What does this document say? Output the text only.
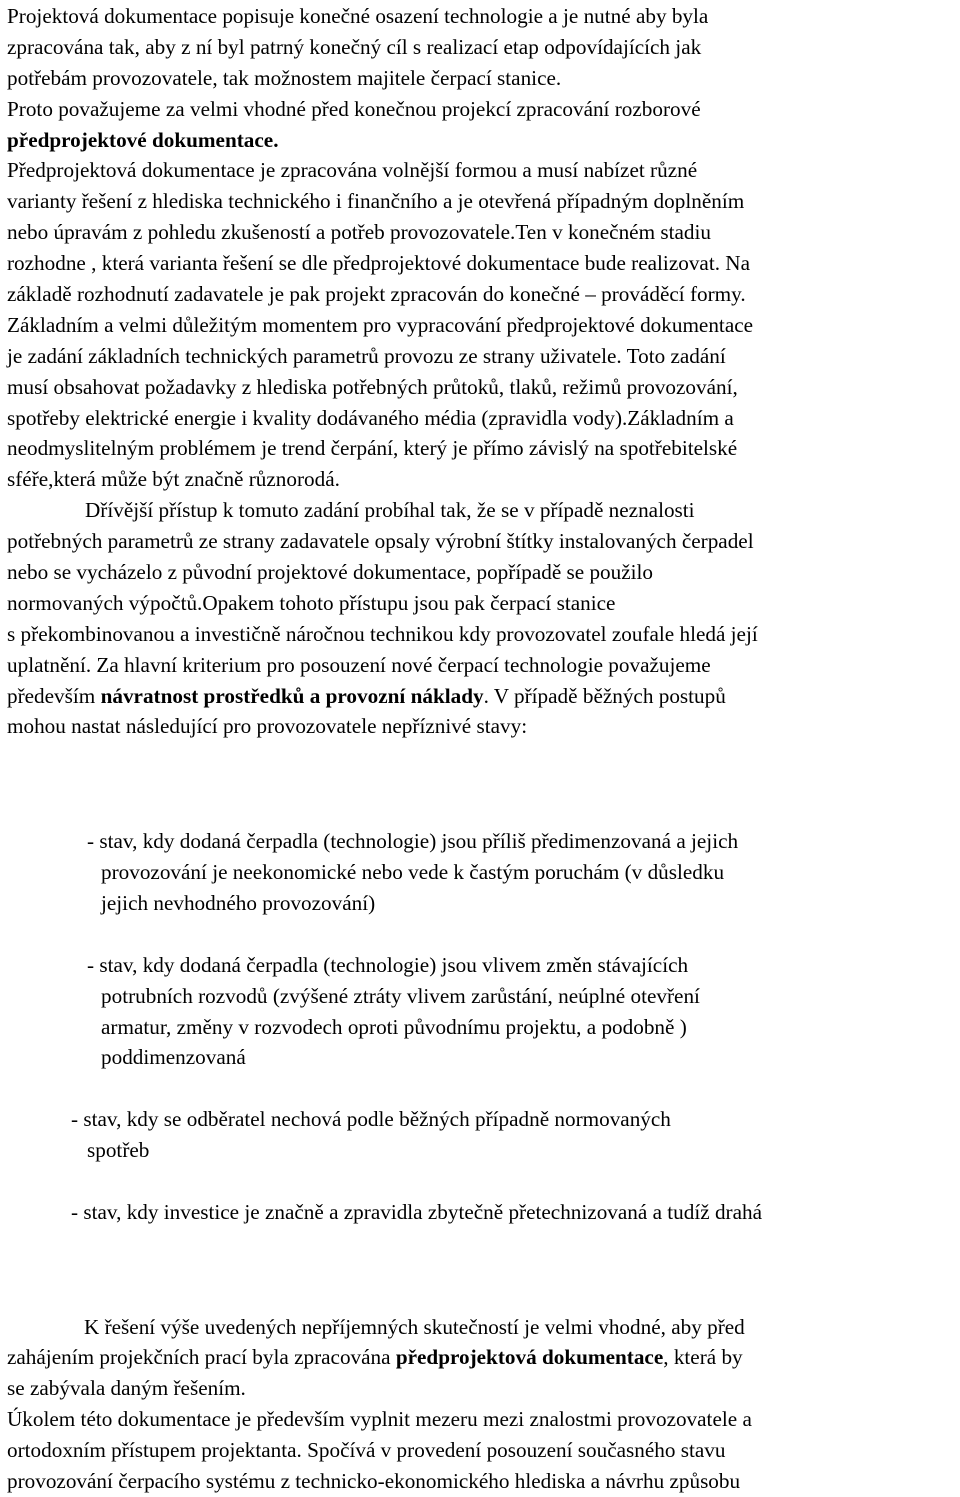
Projektová dokumentace popisuje konečné osazení technologie a je nutné aby byla
zpracována tak, aby z ní byl patrný konečný cíl s realizací etap odpovídajících jak
potřebám provozovatele, tak možnostem majitele čerpací stanice.
Proto považujeme za velmi vhodné před konečnou projekcí zpracování rozborové
předprojektové dokumentace.
Předprojektová dokumentace je zpracována volnější formou a musí nabízet různé
varianty řešení z hlediska technického i finančního a je otevřená případným doplněním
nebo úpravám z pohledu zkušeností a potřeb provozovatele.Ten v konečném stadiu
rozhodne , která varianta řešení se dle předprojektové dokumentace bude realizovat. Na
základě rozhodnutí zadavatele je pak projekt zpracován do konečné – prováděcí formy.
Základním a velmi důležitým momentem pro vypracování předprojektové dokumentace
je zadání základních technických parametrů provozu ze strany uživatele. Toto zadání
musí obsahovat požadavky z hlediska potřebných průtoků, tlaků, režimů provozování,
spotřeby elektrické energie i kvality dodávaného média (zpravidla vody).Základním a
neodmyslitelným problémem je trend čerpání, který je přímo závislý na spotřebitelské
sféře,která může být značně různorodá.
Dřívější přístup k tomuto zadání probíhal tak, že se v případě neznalosti
potřebných parametrů ze strany zadavatele opsaly výrobní štítky instalovaných čerpadel
nebo se vycházelo z původní projektové dokumentace, popřípadě se použilo
normovaných výpočtů.Opakem tohoto přístupu jsou pak čerpací stanice
s překombinovanou a investičně náročnou technikou kdy provozovatel zoufale hledá její
uplatnění. Za hlavní kriterium pro posouzení nové čerpací technologie považujeme
především návratnost prostředků a provozní náklady. V případě běžných postupů
mohou nastat následující pro provozovatele nepříznivé stavy:
- stav, kdy dodaná čerpadla (technologie) jsou příliš předimenzovaná a jejich
provozování je neekonomické nebo vede k častým poruchám (v důsledku
jejich nevhodného provozování)
- stav, kdy dodaná čerpadla (technologie) jsou vlivem změn stávajících
potrubních rozvodů (zvýšené ztráty vlivem zarůstání, neúplné otevření
armatur, změny v rozvodech oproti původnímu projektu, a podobně )
poddimenzovaná
- stav, kdy se odběratel nechová podle běžných případně normovaných
spotřeb
- stav, kdy investice je značně a zpravidla zbytečně přetechnizovaná a tudíž drahá
K řešení výše uvedených nepříjemných skutečností je velmi vhodné, aby před
zahájením projekčních prací byla zpracována předprojektová dokumentace, která by
se zabývala daným řešením.
Úkolem této dokumentace je především vyplnit mezeru mezi znalostmi provozovatele a
ortodoxním přístupem projektanta. Spočívá v provedení posouzení současného stavu
provozování čerpacího systému z technicko-ekonomického hlediska a návrhu způsobu
